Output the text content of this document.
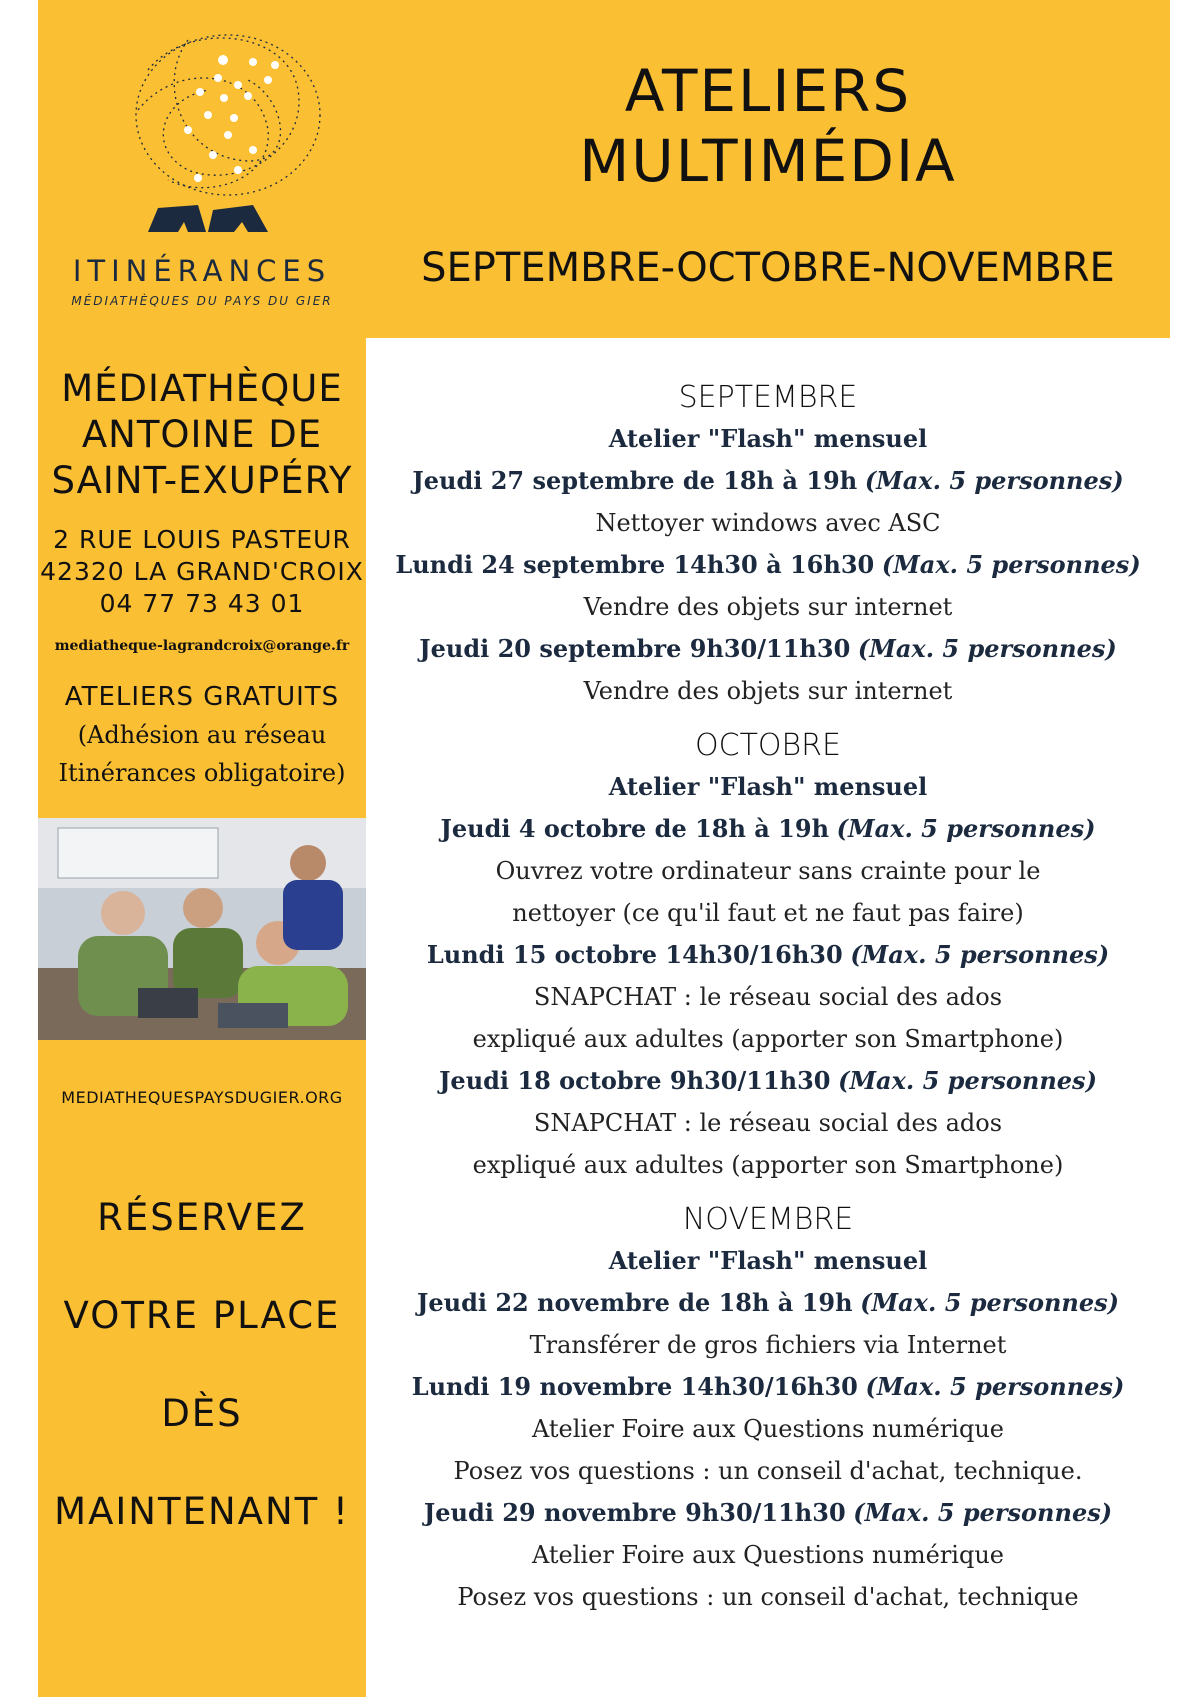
ITINÉRANCES
MÉDIATHÈQUES DU PAYS DU GIER
ATELIERS
MULTIMÉDIA
SEPTEMBRE-OCTOBRE-NOVEMBRE
MÉDIATHÈQUE
ANTOINE DE
SAINT-EXUPÉRY
2 RUE LOUIS PASTEUR
42320 LA GRAND'CROIX
04 77 73 43 01
mediatheque-lagrandcroix@orange.fr
ATELIERS GRATUITS
(Adhésion au réseau
Itinérances obligatoire)
MEDIATHEQUESPAYSDUGIER.ORG
RÉSERVEZ
VOTRE PLACE
DÈS
MAINTENANT !
SEPTEMBRE
Atelier "Flash" mensuel
Jeudi 27 septembre de 18h à 19h (Max. 5 personnes)
Nettoyer windows avec ASC
Lundi 24 septembre 14h30 à 16h30 (Max. 5 personnes)
Vendre des objets sur internet
Jeudi 20 septembre 9h30/11h30 (Max. 5 personnes)
Vendre des objets sur internet
OCTOBRE
Atelier "Flash" mensuel
Jeudi 4 octobre de 18h à 19h (Max. 5 personnes)
Ouvrez votre ordinateur sans crainte pour le
nettoyer (ce qu'il faut et ne faut pas faire)
Lundi 15 octobre 14h30/16h30 (Max. 5 personnes)
SNAPCHAT : le réseau social des ados
expliqué aux adultes (apporter son Smartphone)
Jeudi 18 octobre 9h30/11h30 (Max. 5 personnes)
SNAPCHAT : le réseau social des ados
expliqué aux adultes (apporter son Smartphone)
NOVEMBRE
Atelier "Flash" mensuel
Jeudi 22 novembre de 18h à 19h (Max. 5 personnes)
Transférer de gros fichiers via Internet
Lundi 19 novembre 14h30/16h30 (Max. 5 personnes)
Atelier Foire aux Questions numérique
Posez vos questions : un conseil d'achat, technique.
Jeudi 29 novembre 9h30/11h30 (Max. 5 personnes)
Atelier Foire aux Questions numérique
Posez vos questions : un conseil d'achat, technique
